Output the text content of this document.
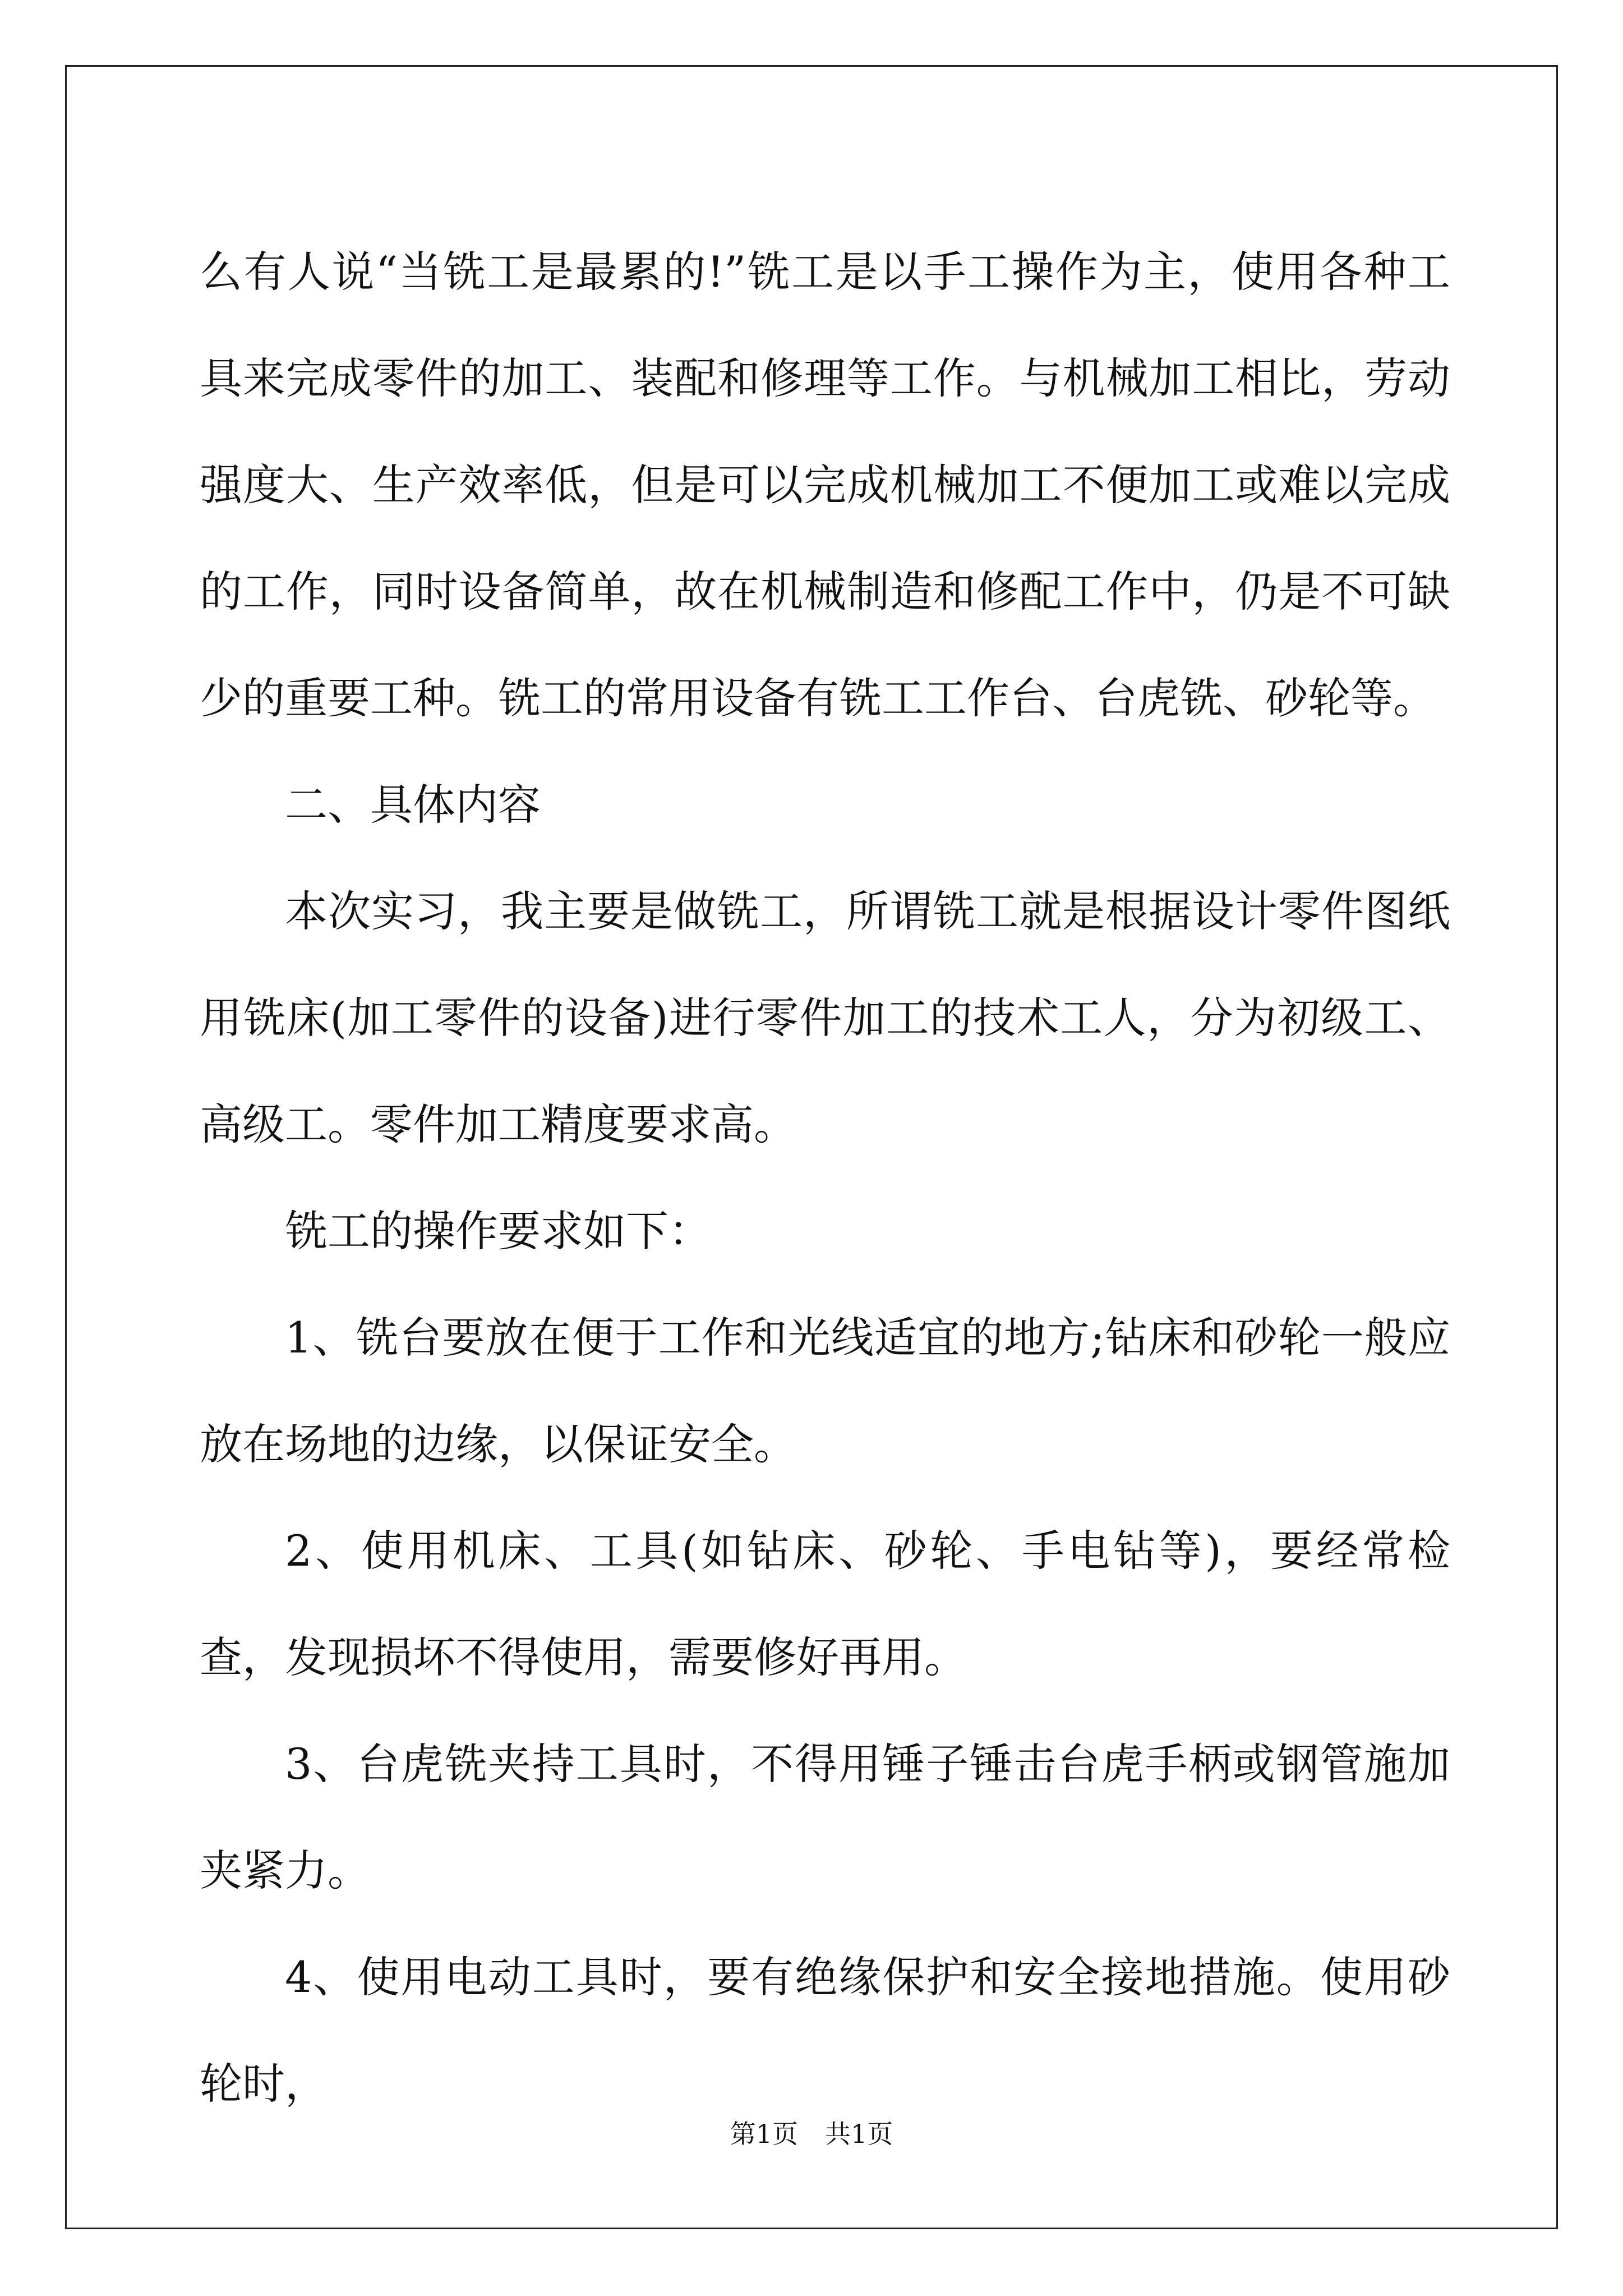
么有人说“当铣工是最累的!”铣工是以手工操作为主，使用各种工具来完成零件的加工、装配和修理等工作。与机械加工相比，劳动强度大、生产效率低，但是可以完成机械加工不便加工或难以完成的工作，同时设备简单，故在机械制造和修配工作中，仍是不可缺少的重要工种。铣工的常用设备有铣工工作台、台虎铣、砂轮等。

二、具体内容

本次实习，我主要是做铣工，所谓铣工就是根据设计零件图纸用铣床(加工零件的设备)进行零件加工的技术工人，分为初级工、高级工。零件加工精度要求高。

铣工的操作要求如下：

1、铣台要放在便于工作和光线适宜的地方;钻床和砂轮一般应放在场地的边缘，以保证安全。

2、使用机床、工具(如钻床、砂轮、手电钻等)，要经常检查，发现损坏不得使用，需要修好再用。

3、台虎铣夹持工具时，不得用锤子锤击台虎手柄或钢管施加夹紧力。

4、使用电动工具时，要有绝缘保护和安全接地措施。使用砂轮时，

第1页 共1页
